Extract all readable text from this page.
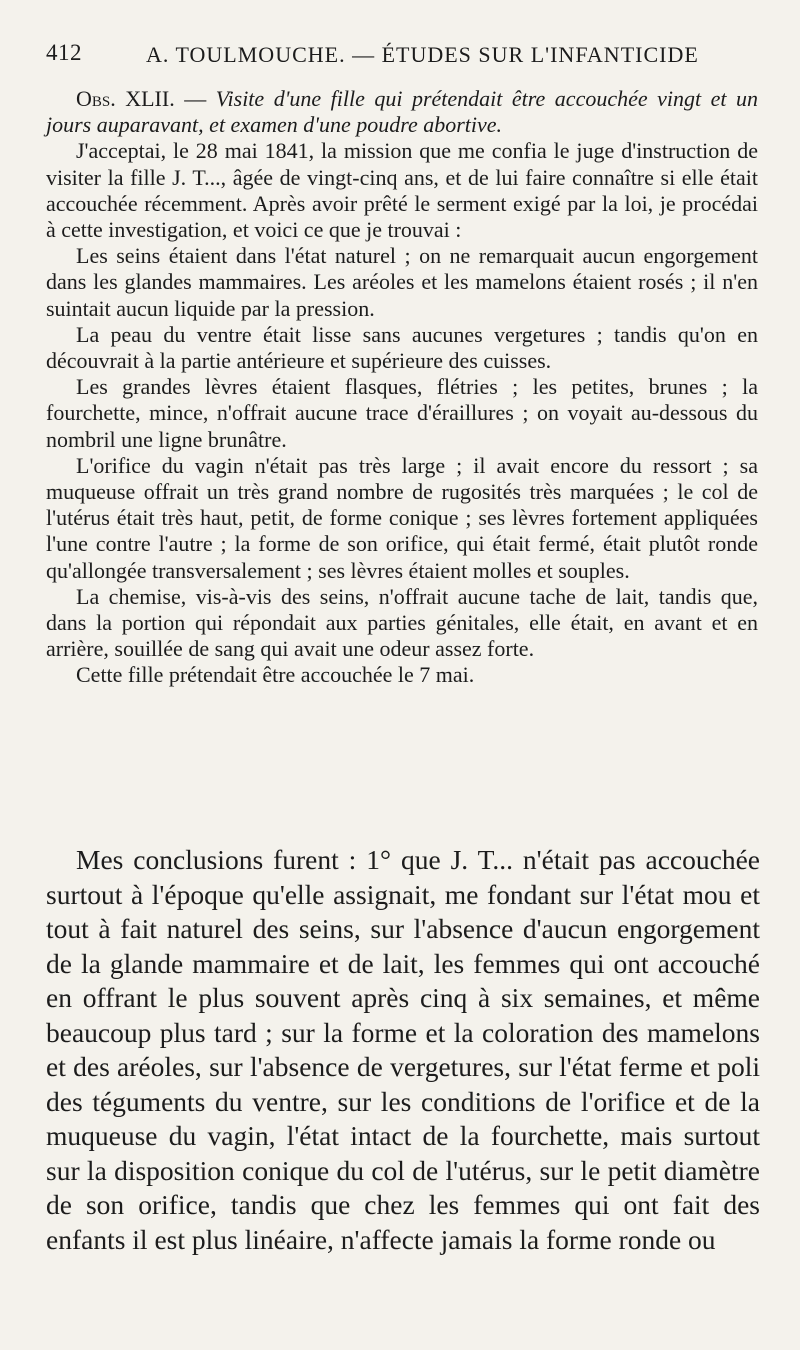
412	A. TOULMOUCHE. — ÉTUDES SUR L'INFANTICIDE

Obs. XLII. — Visite d'une fille qui prétendait être accouchée vingt et un jours auparavant, et examen d'une poudre abortive.

J'acceptai, le 28 mai 1841, la mission que me confia le juge d'instruction de visiter la fille J. T..., âgée de vingt-cinq ans, et de lui faire connaître si elle était accouchée récemment. Après avoir prêté le serment exigé par la loi, je procédai à cette investigation, et voici ce que je trouvai :

Les seins étaient dans l'état naturel ; on ne remarquait aucun engorgement dans les glandes mammaires. Les aréoles et les mamelons étaient rosés ; il n'en suintait aucun liquide par la pression.

La peau du ventre était lisse sans aucunes vergetures ; tandis qu'on en découvrait à la partie antérieure et supérieure des cuisses.

Les grandes lèvres étaient flasques, flétries ; les petites, brunes ; la fourchette, mince, n'offrait aucune trace d'éraillures ; on voyait au-dessous du nombril une ligne brunâtre.

L'orifice du vagin n'était pas très large ; il avait encore du ressort ; sa muqueuse offrait un très grand nombre de rugosités très marquées ; le col de l'utérus était très haut, petit, de forme conique ; ses lèvres fortement appliquées l'une contre l'autre ; la forme de son orifice, qui était fermé, était plutôt ronde qu'allongée transversalement ; ses lèvres étaient molles et souples.

La chemise, vis-à-vis des seins, n'offrait aucune tache de lait, tandis que, dans la portion qui répondait aux parties génitales, elle était, en avant et en arrière, souillée de sang qui avait une odeur assez forte.

Cette fille prétendait être accouchée le 7 mai.

Mes conclusions furent : 1° que J. T... n'était pas accouchée surtout à l'époque qu'elle assignait, me fondant sur l'état mou et tout à fait naturel des seins, sur l'absence d'aucun engorgement de la glande mammaire et de lait, les femmes qui ont accouché en offrant le plus souvent après cinq à six semaines, et même beaucoup plus tard ; sur la forme et la coloration des mamelons et des aréoles, sur l'absence de vergetures, sur l'état ferme et poli des téguments du ventre, sur les conditions de l'orifice et de la muqueuse du vagin, l'état intact de la fourchette, mais surtout sur la disposition conique du col de l'utérus, sur le petit diamètre de son orifice, tandis que chez les femmes qui ont fait des enfants il est plus linéaire, n'affecte jamais la forme ronde ou
